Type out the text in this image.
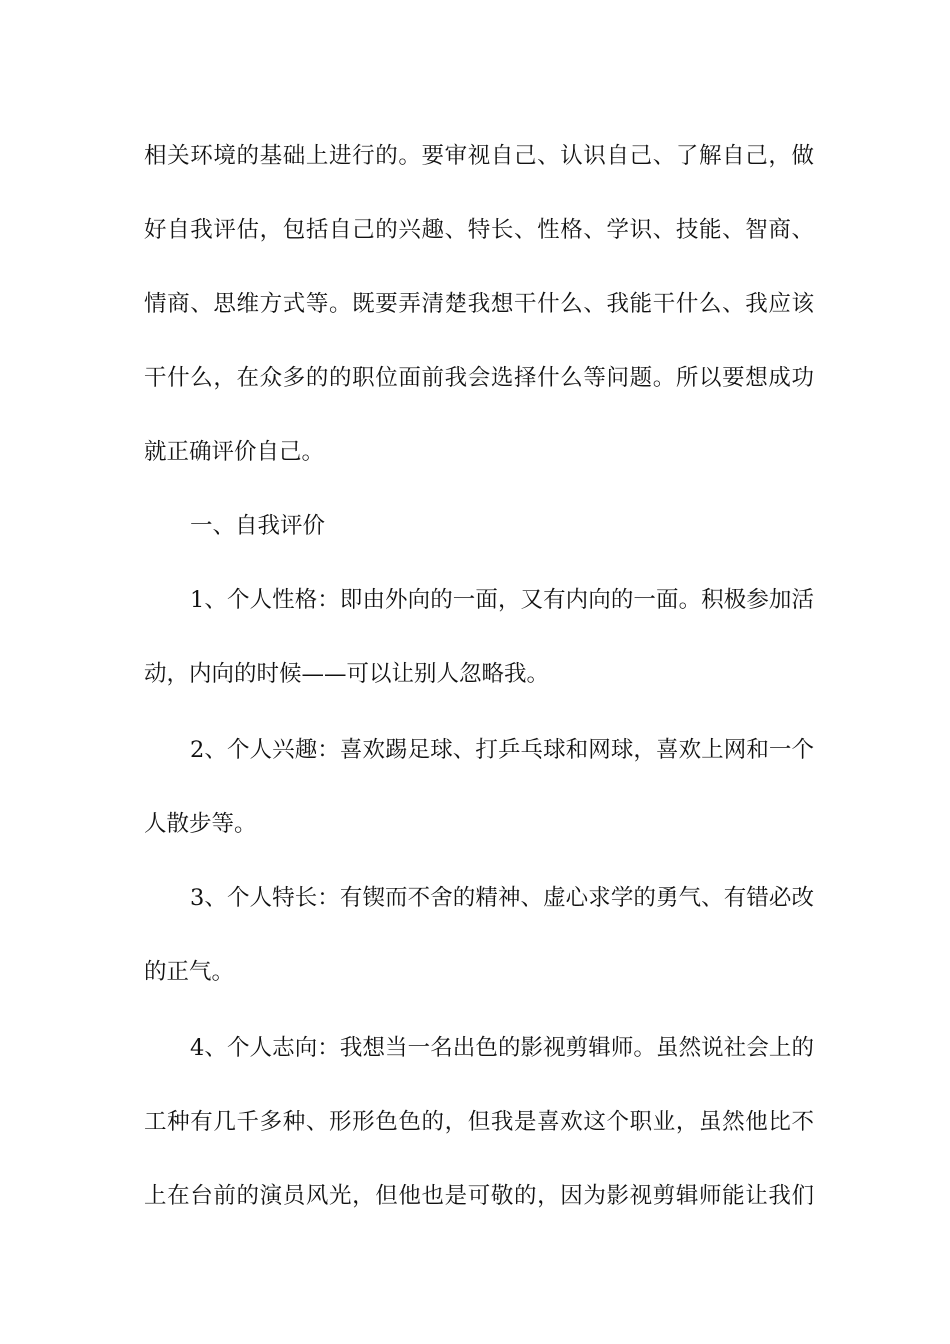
相关环境的基础上进行的。要审视自己、认识自己、了解自己，做
好自我评估，包括自己的兴趣、特长、性格、学识、技能、智商、
情商、思维方式等。既要弄清楚我想干什么、我能干什么、我应该
干什么，在众多的的职位面前我会选择什么等问题。所以要想成功
就正确评价自己。
一、自我评价
1、个人性格：即由外向的一面，又有内向的一面。积极参加活
动，内向的时候——可以让别人忽略我。
2、个人兴趣：喜欢踢足球、打乒乓球和网球，喜欢上网和一个
人散步等。
3、个人特长：有锲而不舍的精神、虚心求学的勇气、有错必改
的正气。
4、个人志向：我想当一名出色的影视剪辑师。虽然说社会上的
工种有几千多种、形形色色的，但我是喜欢这个职业，虽然他比不
上在台前的演员风光，但他也是可敬的，因为影视剪辑师能让我们
